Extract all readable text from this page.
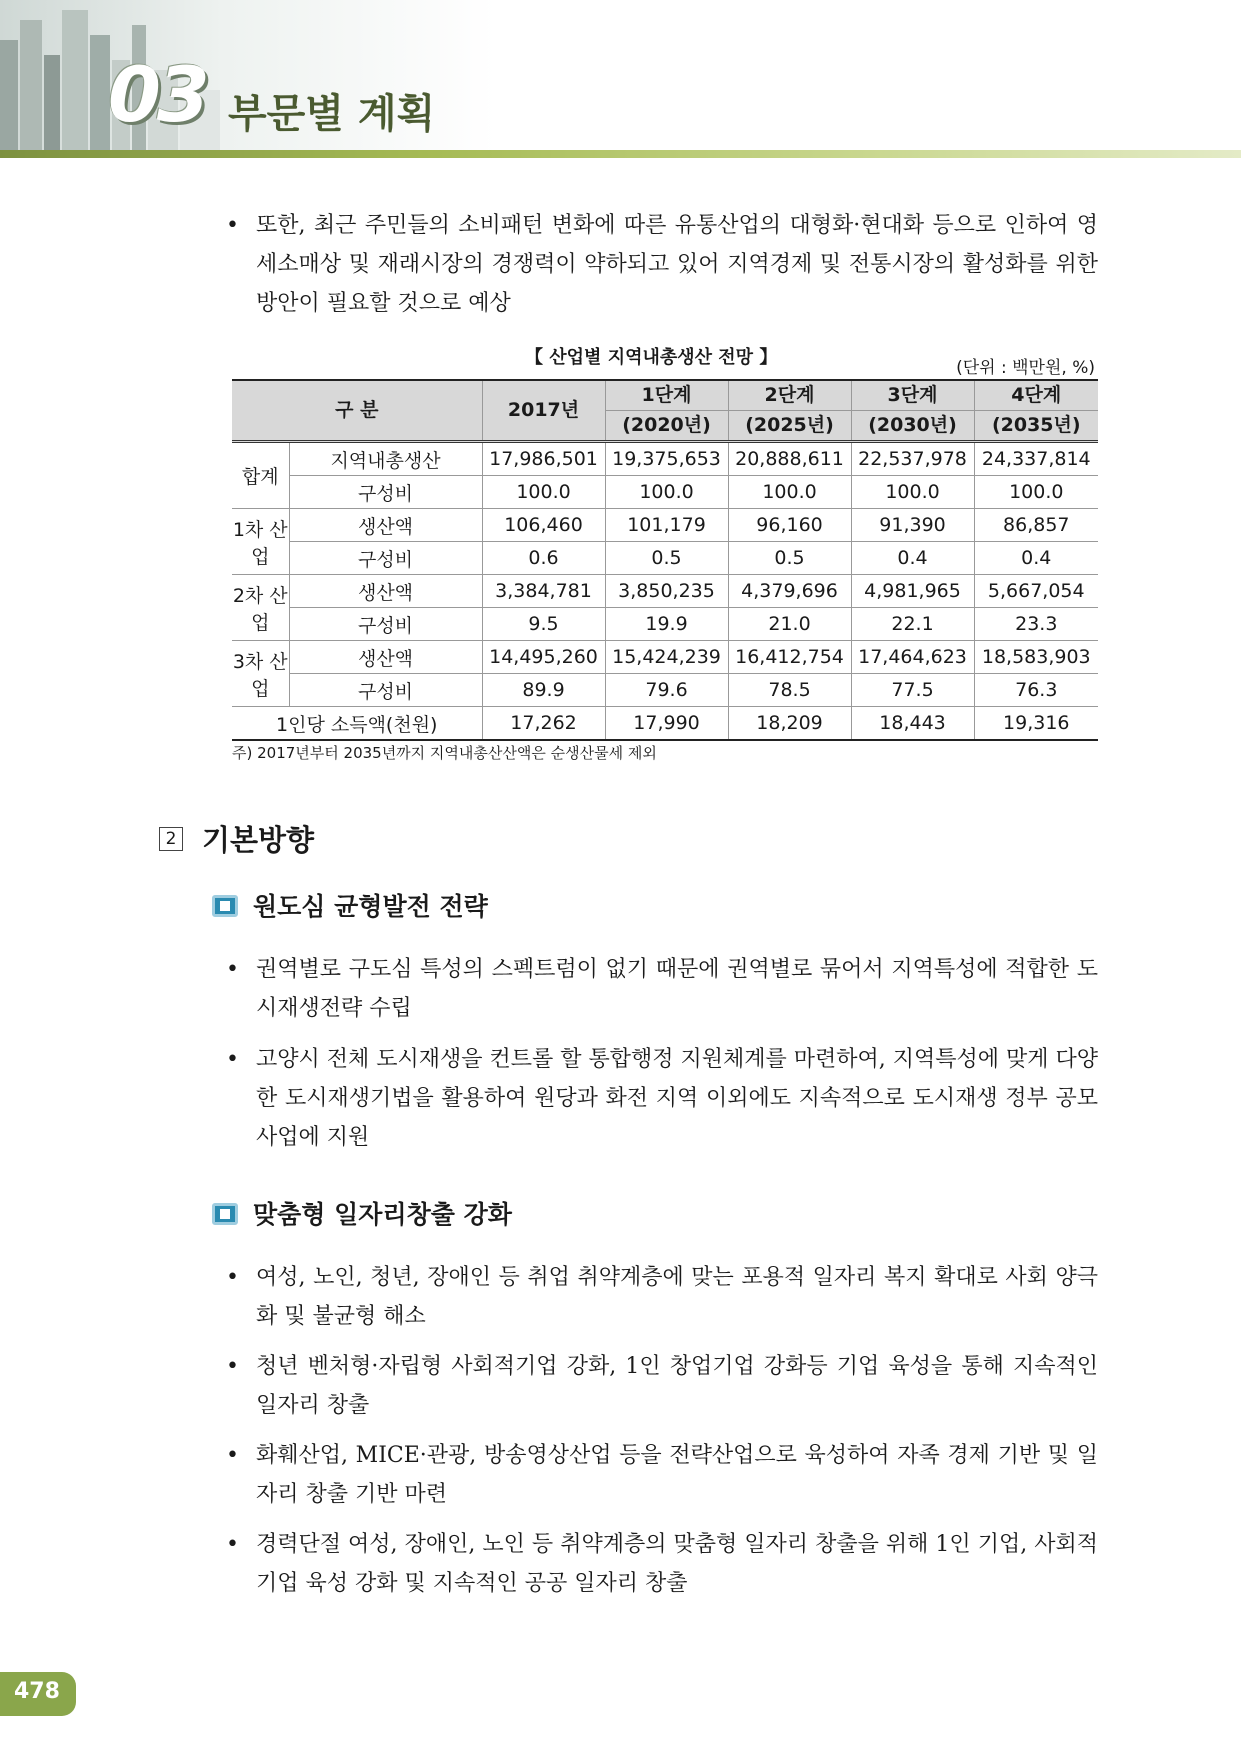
03 부문별 계획
• 또한, 최근 주민들의 소비패턴 변화에 따른 유통산업의 대형화·현대화 등으로 인하여 영세소매상 및 재래시장의 경쟁력이 약하되고 있어 지역경제 및 전통시장의 활성화를 위한 방안이 필요할 것으로 예상
【 산업별 지역내총생산 전망 】	(단위 : 백만원, %)
구 분		2017년	1단계	2단계	3단계	4단계
			(2020년)	(2025년)	(2030년)	(2035년)
합계	지역내총생산	17,986,501	19,375,653	20,888,611	22,537,978	24,337,814
	구성비	100.0	100.0	100.0	100.0	100.0
1차 산업	생산액	106,460	101,179	96,160	91,390	86,857
	구성비	0.6	0.5	0.5	0.4	0.4
2차 산업	생산액	3,384,781	3,850,235	4,379,696	4,981,965	5,667,054
	구성비	9.5	19.9	21.0	22.1	23.3
3차 산업	생산액	14,495,260	15,424,239	16,412,754	17,464,623	18,583,903
	구성비	89.9	79.6	78.5	77.5	76.3
1인당 소득액(천원)		17,262	17,990	18,209	18,443	19,316
주) 2017년부터 2035년까지 지역내총산산액은 순생산물세 제외
2 기본방향
원도심 균형발전 전략
• 권역별로 구도심 특성의 스펙트럼이 없기 때문에 권역별로 묶어서 지역특성에 적합한 도시재생전략 수립
• 고양시 전체 도시재생을 컨트롤 할 통합행정 지원체계를 마련하여, 지역특성에 맞게 다양한 도시재생기법을 활용하여 원당과 화전 지역 이외에도 지속적으로 도시재생 정부 공모사업에 지원
맞춤형 일자리창출 강화
• 여성, 노인, 청년, 장애인 등 취업 취약계층에 맞는 포용적 일자리 복지 확대로 사회 양극화 및 불균형 해소
• 청년 벤처형·자립형 사회적기업 강화, 1인 창업기업 강화등 기업 육성을 통해 지속적인 일자리 창출
• 화훼산업, MICE·관광, 방송영상산업 등을 전략산업으로 육성하여 자족 경제 기반 및 일자리 창출 기반 마련
• 경력단절 여성, 장애인, 노인 등 취약계층의 맞춤형 일자리 창출을 위해 1인 기업, 사회적 기업 육성 강화 및 지속적인 공공 일자리 창출
478
